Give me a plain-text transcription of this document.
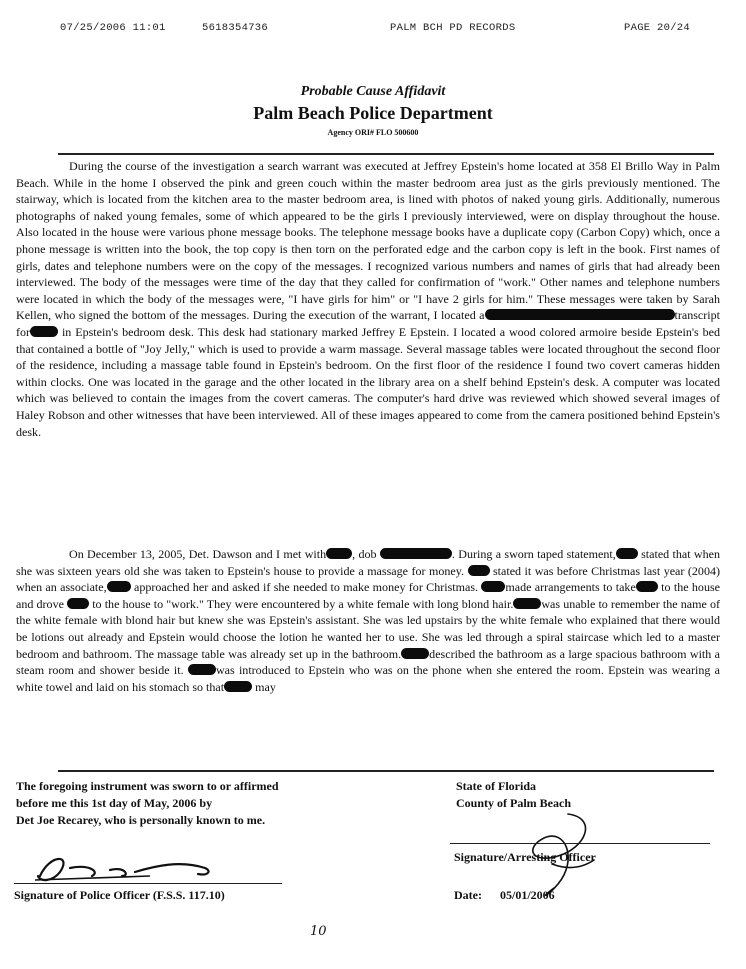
07/25/2006 11:01	5618354736	PALM BCH PD RECORDS	PAGE 20/24
Probable Cause Affidavit
Palm Beach Police Department
Agency ORI# FLO 500600

During the course of the investigation a search warrant was executed at Jeffrey Epstein's home located at 358 El Brillo Way in Palm Beach. While in the home I observed the pink and green couch within the master bedroom area just as the girls previously mentioned. The stairway, which is located from the kitchen area to the master bedroom area, is lined with photos of naked young girls. Additionally, numerous photographs of naked young females, some of which appeared to be the girls I previously interviewed, were on display throughout the house. Also located in the house were various phone message books. The telephone message books have a duplicate copy (Carbon Copy) which, once a phone message is written into the book, the top copy is then torn on the perforated edge and the carbon copy is left in the book. First names of girls, dates and telephone numbers were on the copy of the messages. I recognized various numbers and names of girls that had already been interviewed. The body of the messages were time of the day that they called for confirmation of "work." Other names and telephone numbers were located in which the body of the messages were, "I have girls for him" or "I have 2 girls for him." These messages were taken by Sarah Kellen, who signed the bottom of the messages. During the execution of the warrant, I located a	transcript for	in Epstein's bedroom desk. This desk had stationary marked Jeffrey E Epstein. I located a wood colored armoire beside Epstein's bed that contained a bottle of "Joy Jelly," which is used to provide a warm massage. Several massage tables were located throughout the second floor of the residence, including a massage table found in Epstein's bedroom. On the first floor of the residence I found two covert cameras hidden within clocks. One was located in the garage and the other located in the library area on a shelf behind Epstein's desk. A computer was located which was believed to contain the images from the covert cameras. The computer's hard drive was reviewed which showed several images of Haley Robson and other witnesses that have been interviewed. All of these images appeared to come from the camera positioned behind Epstein's desk.

On December 13, 2005, Det. Dawson and I met with , dob	. During a sworn taped statement, stated that when she was sixteen years old she was taken to Epstein's house to provide a massage for money. stated it was before Christmas last year (2004) when an associate, approached her and asked if she needed to make money for Christmas. made arrangements to take to the house and drove to the house to "work." They were encountered by a white female with long blond hair. was unable to remember the name of the white female with blond hair but knew she was Epstein's assistant. She was led upstairs by the white female who explained that there would be lotions out already and Epstein would choose the lotion he wanted her to use. She was led through a spiral staircase which led to a master bedroom and bathroom. The massage table was already set up in the bathroom. described the bathroom as a large spacious bathroom with a steam room and shower beside it.	was introduced to Epstein who was on the phone when she entered the room. Epstein was wearing a white towel and laid on his stomach so that	may

The foregoing instrument was sworn to or affirmed
before me this 1st day of May, 2006 by
Det Joe Recarey, who is personally known to me.
State of Florida
County of Palm Beach
Signature of Police Officer (F.S.S. 117.10)
Signature/Arresting Officer
Date: 05/01/2006
10
